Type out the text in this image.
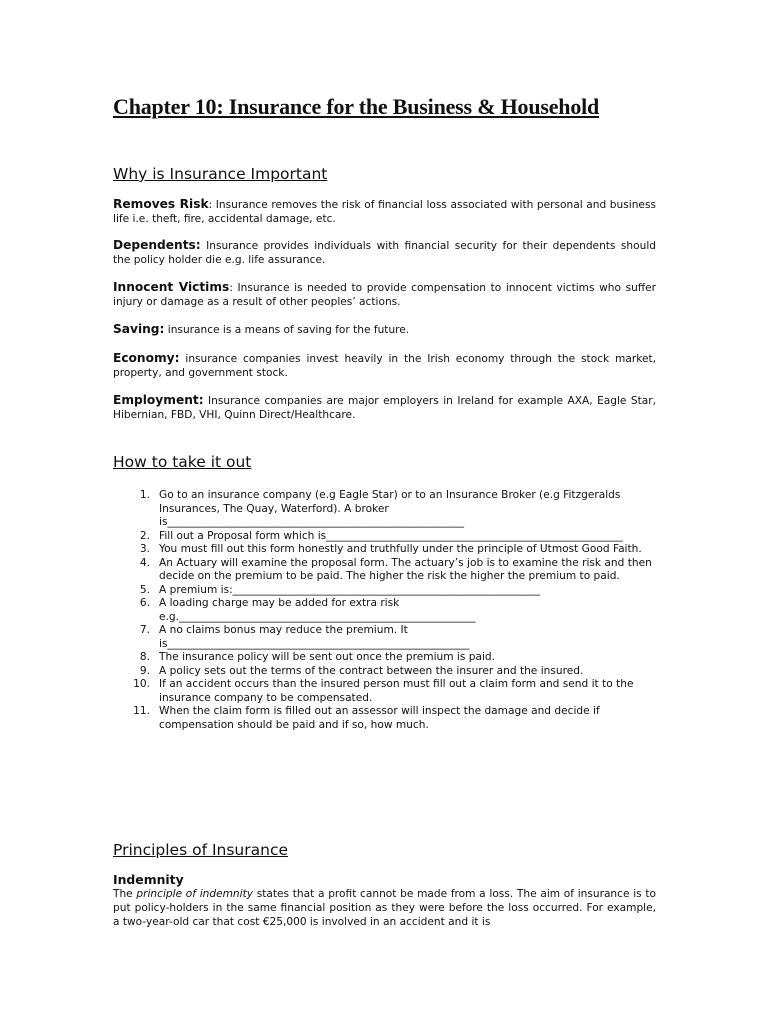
Chapter 10: Insurance for the Business & Household
Why is Insurance Important

Removes Risk: Insurance removes the risk of financial loss associated with personal and business life i.e. theft, fire, accidental damage, etc.

Dependents: Insurance provides individuals with financial security for their dependents should the policy holder die e.g. life assurance.

Innocent Victims: Insurance is needed to provide compensation to innocent victims who suffer injury or damage as a result of other peoples’ actions.

Saving: insurance is a means of saving for the future.

Economy: insurance companies invest heavily in the Irish economy through the stock market, property, and government stock.

Employment: Insurance companies are major employers in Ireland for example AXA, Eagle Star, Hibernian, FBD, VHI, Quinn Direct/Healthcare.

How to take it out
1. Go to an insurance company (e.g Eagle Star) or to an Insurance Broker (e.g Fitzgeralds Insurances, The Quay, Waterford). A broker is________________________________________________________
2. Fill out a Proposal form which is________________________________________________________
3. You must fill out this form honestly and truthfully under the principle of Utmost Good Faith.
4. An Actuary will examine the proposal form. The actuary’s job is to examine the risk and then decide on the premium to be paid. The higher the risk the higher the premium to paid.
5. A premium is:__________________________________________________________
6. A loading charge may be added for extra risk e.g.________________________________________________________
7. A no claims bonus may reduce the premium. It is_________________________________________________________
8. The insurance policy will be sent out once the premium is paid.
9. A policy sets out the terms of the contract between the insurer and the insured.
10. If an accident occurs than the insured person must fill out a claim form and send it to the insurance company to be compensated.
11. When the claim form is filled out an assessor will inspect the damage and decide if compensation should be paid and if so, how much.
Principles of Insurance
Indemnity

The principle of indemnity states that a profit cannot be made from a loss. The aim of insurance is to put policy-holders in the same financial position as they were before the loss occurred. For example, a two-year-old car that cost €25,000 is involved in an accident and it is
